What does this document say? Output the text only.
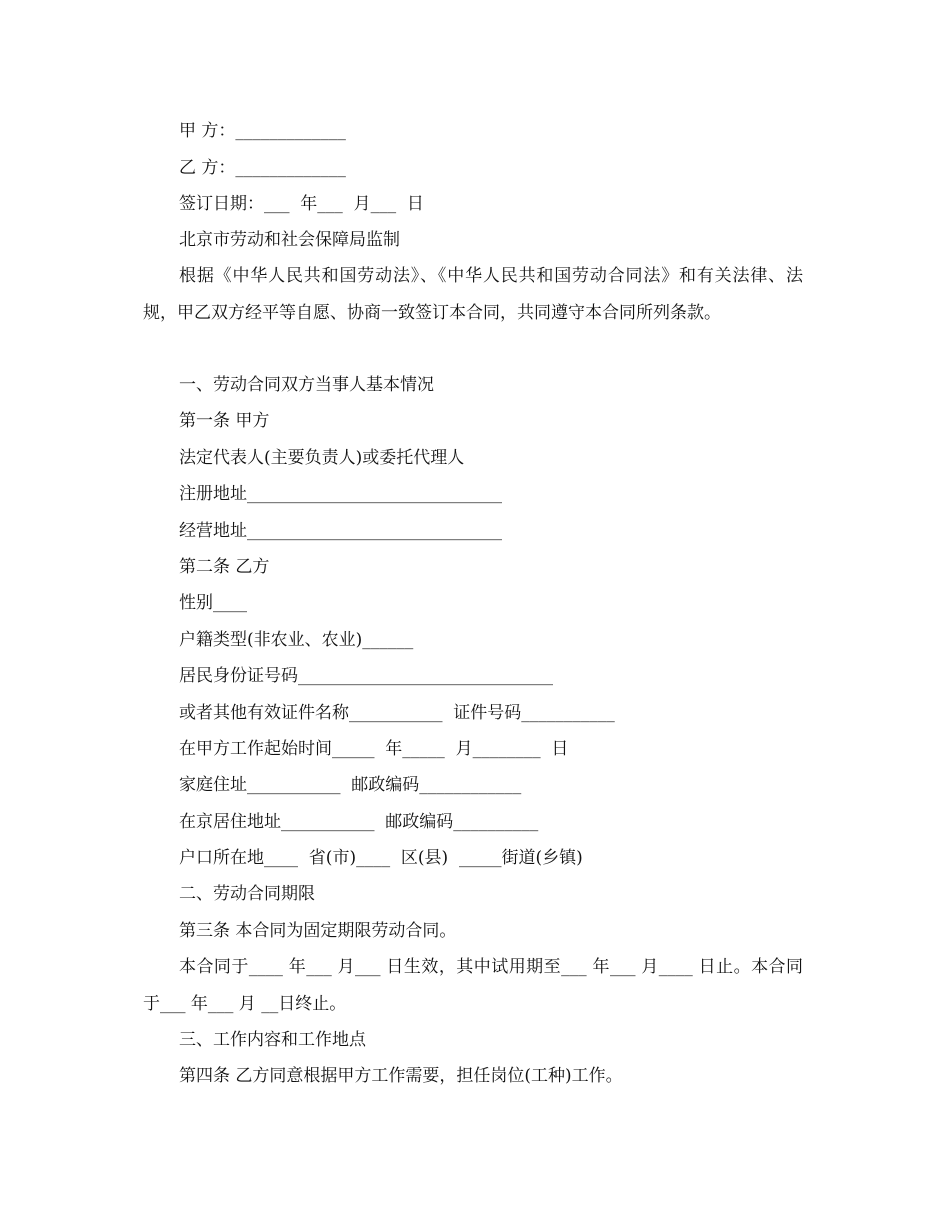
甲 方：_____________
乙 方：_____________
签订日期：___  年___  月___  日
北京市劳动和社会保障局监制
根据《中华人民共和国劳动法》、《中华人民共和国劳动合同法》和有关法律、法规，甲乙双方经平等自愿、协商一致签订本合同，共同遵守本合同所列条款。
一、劳动合同双方当事人基本情况
第一条 甲方
法定代表人(主要负责人)或委托代理人
注册地址______________________________
经营地址______________________________
第二条 乙方
性别____
户籍类型(非农业、农业)______
居民身份证号码______________________________
或者其他有效证件名称___________  证件号码___________
在甲方工作起始时间_____  年_____  月________  日
家庭住址___________  邮政编码____________
在京居住地址___________  邮政编码__________
户口所在地____  省(市)____  区(县)  _____街道(乡镇)
二、劳动合同期限
第三条 本合同为固定期限劳动合同。
本合同于____ 年___ 月___ 日生效，其中试用期至___ 年___ 月____ 日止。本合同于___ 年___ 月 __日终止。
三、工作内容和工作地点
第四条 乙方同意根据甲方工作需要，担任岗位(工种)工作。
